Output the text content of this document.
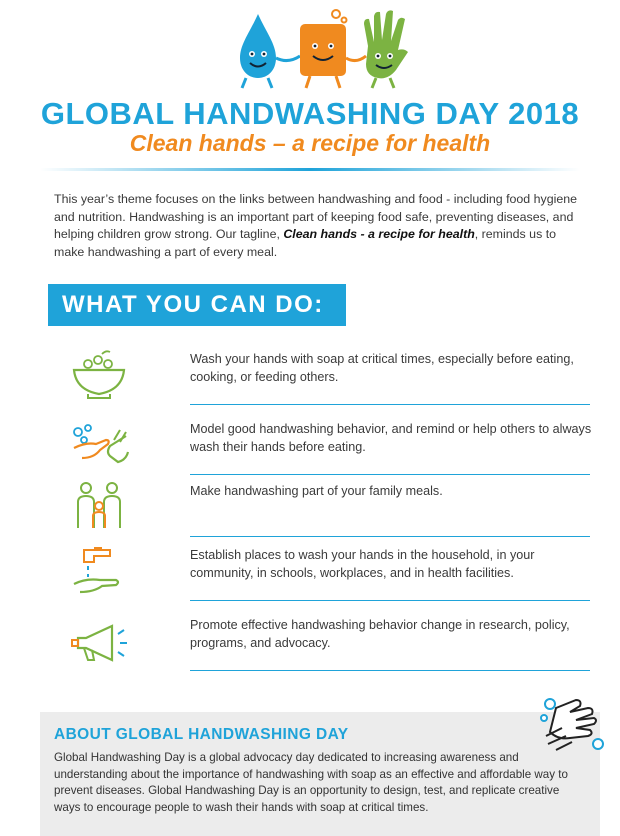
GLOBAL HANDWASHING DAY 2018
Clean hands – a recipe for health

This year’s theme focuses on the links between handwashing and food - including food hygiene and nutrition. Handwashing is an important part of keeping food safe, preventing diseases, and helping children grow strong. Our tagline, Clean hands - a recipe for health, reminds us to make handwashing a part of every meal.

WHAT YOU CAN DO:

Wash your hands with soap at critical times, especially before eating, cooking, or feeding others.

Model good handwashing behavior, and remind or help others to always wash their hands before eating.

Make handwashing part of your family meals.

Establish places to wash your hands in the household, in your community, in schools, workplaces, and in health facilities.

Promote effective handwashing behavior change in research, policy, programs, and advocacy.

ABOUT GLOBAL HANDWASHING DAY

Global Handwashing Day is a global advocacy day dedicated to increasing awareness and understanding about the importance of handwashing with soap as an effective and affordable way to prevent diseases. Global Handwashing Day is an opportunity to design, test, and replicate creative ways to encourage people to wash their hands with soap at critical times.
